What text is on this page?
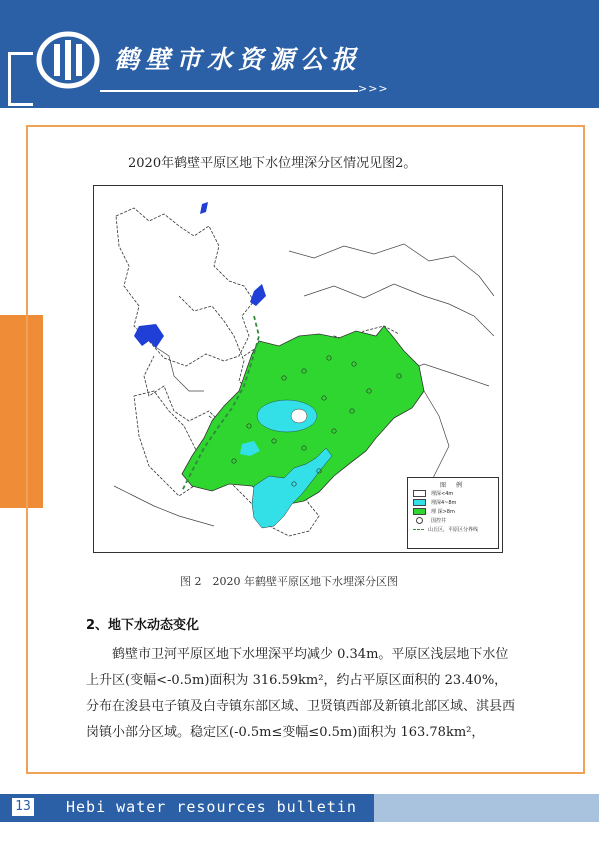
鹤壁市水资源公报
>>>
2020年鹤壁平原区地下水位埋深分区情况见图2。
图 例
埋深<4m
埋深4~8m
埋 深>8m
国控井
山丘区，平原区分界线
图 2　2020 年鹤壁平原区地下水埋深分区图
2、地下水动态变化
鹤壁市卫河平原区地下水埋深平均减少 0.34m。平原区浅层地下水位上升区(变幅<-0.5m)面积为 316.59km²，约占平原区面积的 23.40%，分布在浚县屯子镇及白寺镇东部区域、卫贤镇西部及新镇北部区域、淇县西岗镇小部分区域。稳定区(-0.5m≤变幅≤0.5m)面积为 163.78km²，
13 Hebi water resources bulletin
